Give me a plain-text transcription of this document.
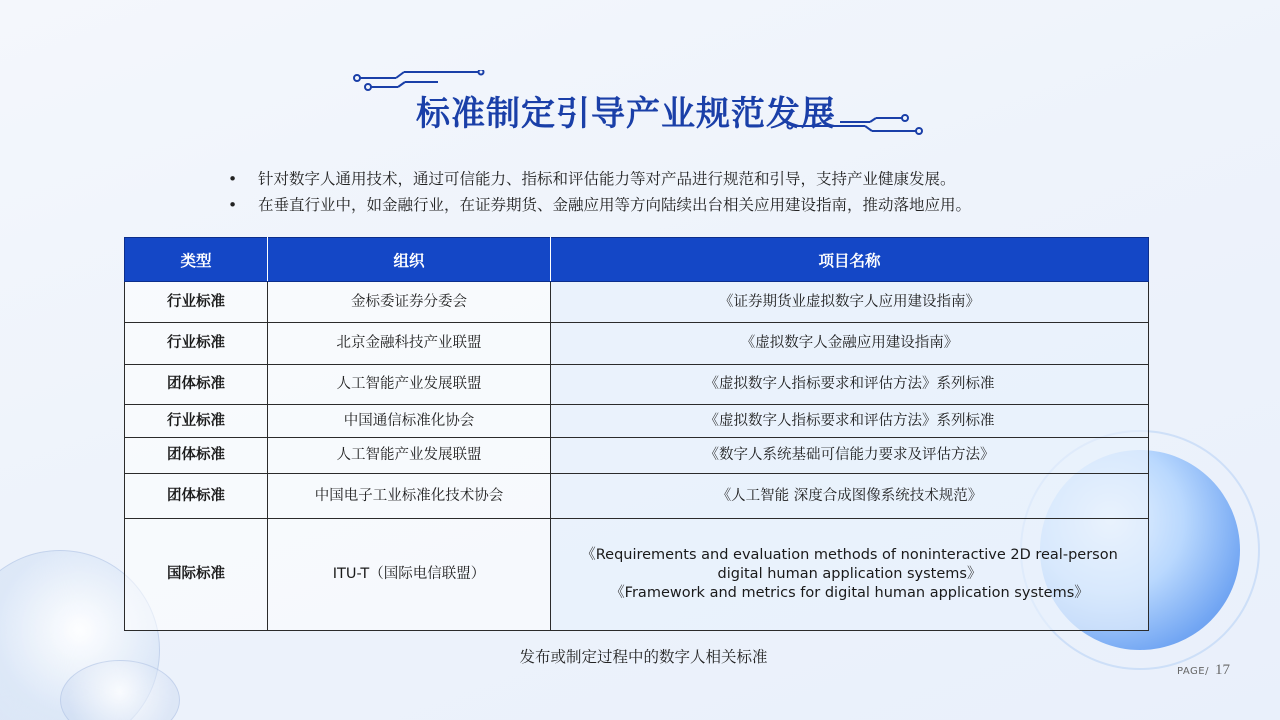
标准制定引导产业规范发展
•	针对数字人通用技术，通过可信能力、指标和评估能力等对产品进行规范和引导，支持产业健康发展。
•	在垂直行业中，如金融行业，在证券期货、金融应用等方向陆续出台相关应用建设指南，推动落地应用。
类型	组织	项目名称
行业标准	金标委证券分委会	《证券期货业虚拟数字人应用建设指南》
行业标准	北京金融科技产业联盟	《虚拟数字人金融应用建设指南》
团体标准	人工智能产业发展联盟	《虚拟数字人指标要求和评估方法》系列标准
行业标准	中国通信标准化协会	《虚拟数字人指标要求和评估方法》系列标准
团体标准	人工智能产业发展联盟	《数字人系统基础可信能力要求及评估方法》
团体标准	中国电子工业标准化技术协会	《人工智能 深度合成图像系统技术规范》
国际标准	ITU-T（国际电信联盟）	《Requirements and evaluation methods of noninteractive 2D real-person
digital human application systems》
《Framework and metrics for digital human application systems》
发布或制定过程中的数字人相关标准
PAGE/ 17
